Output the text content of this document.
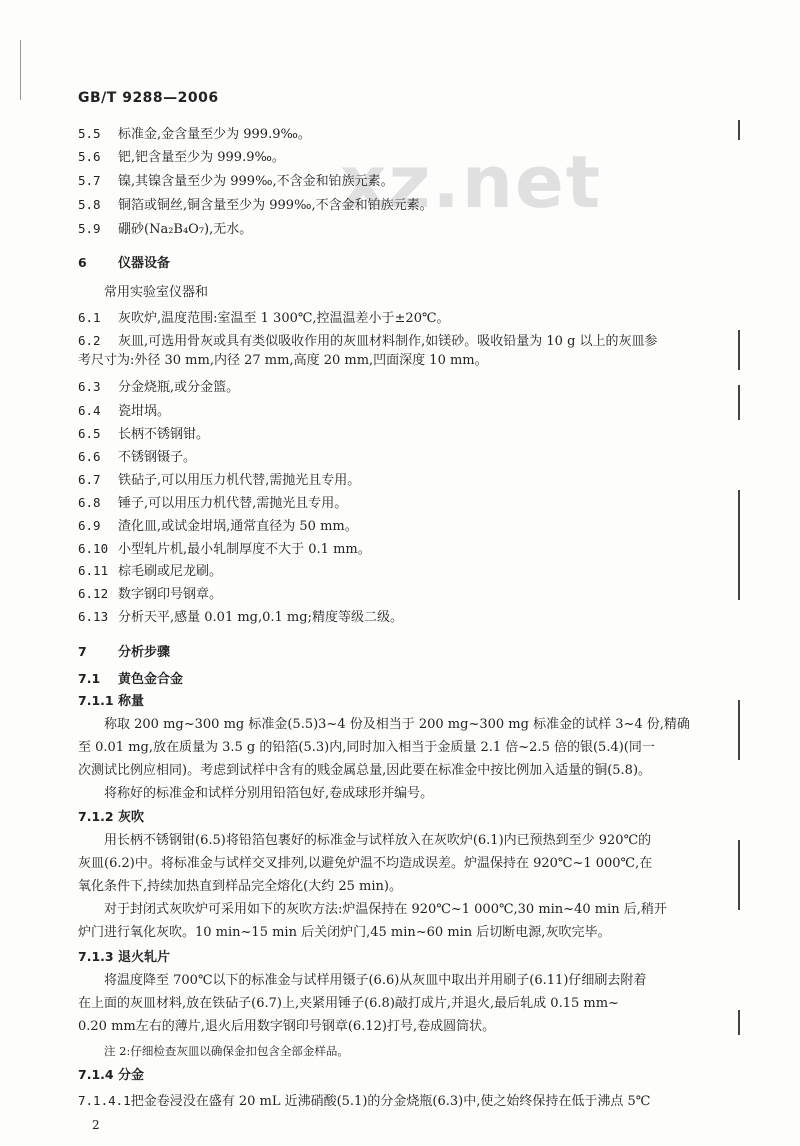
xz.net
GB/T 9288—2006
5.5 标准金,金含量至少为 999.9‰。
5.6 钯,钯含量至少为 999.9‰。
5.7 镍,其镍含量至少为 999‰,不含金和铂族元素。
5.8 铜箔或铜丝,铜含量至少为 999‰,不含金和铂族元素。
5.9 硼砂(Na₂B₄O₇),无水。
6 仪器设备
常用实验室仪器和
6.1 灰吹炉,温度范围:室温至 1 300℃,控温温差小于±20℃。
6.2 灰皿,可选用骨灰或具有类似吸收作用的灰皿材料制作,如镁砂。吸收铅量为 10 g 以上的灰皿参
考尺寸为:外径 30 mm,内径 27 mm,高度 20 mm,凹面深度 10 mm。
6.3 分金烧瓶,或分金篮。
6.4 瓷坩埚。
6.5 长柄不锈钢钳。
6.6 不锈钢镊子。
6.7 铁砧子,可以用压力机代替,需抛光且专用。
6.8 锤子,可以用压力机代替,需抛光且专用。
6.9 渣化皿,或试金坩埚,通常直径为 50 mm。
6.10 小型轧片机,最小轧制厚度不大于 0.1 mm。
6.11 棕毛刷或尼龙刷。
6.12 数字钢印号钢章。
6.13 分析天平,感量 0.01 mg,0.1 mg;精度等级二级。
7 分析步骤
7.1 黄色金合金
7.1.1 称量
称取 200 mg~300 mg 标准金(5.5)3~4 份及相当于 200 mg~300 mg 标准金的试样 3~4 份,精确
至 0.01 mg,放在质量为 3.5 g 的铅箔(5.3)内,同时加入相当于金质量 2.1 倍~2.5 倍的银(5.4)(同一
次测试比例应相同)。考虑到试样中含有的贱金属总量,因此要在标准金中按比例加入适量的铜(5.8)。
将称好的标准金和试样分别用铅箔包好,卷成球形并编号。
7.1.2 灰吹
用长柄不锈钢钳(6.5)将铅箔包裹好的标准金与试样放入在灰吹炉(6.1)内已预热到至少 920℃的
灰皿(6.2)中。将标准金与试样交叉排列,以避免炉温不均造成误差。炉温保持在 920℃~1 000℃,在
氧化条件下,持续加热直到样品完全熔化(大约 25 min)。
对于封闭式灰吹炉可采用如下的灰吹方法:炉温保持在 920℃~1 000℃,30 min~40 min 后,稍开
炉门进行氧化灰吹。10 min~15 min 后关闭炉门,45 min~60 min 后切断电源,灰吹完毕。
7.1.3 退火轧片
将温度降至 700℃以下的标准金与试样用镊子(6.6)从灰皿中取出并用刷子(6.11)仔细刷去附着
在上面的灰皿材料,放在铁砧子(6.7)上,夹紧用锤子(6.8)敲打成片,并退火,最后轧成 0.15 mm~
0.20 mm左右的薄片,退火后用数字钢印号钢章(6.12)打号,卷成圆筒状。
注 2:仔细检查灰皿以确保金扣包含全部金样品。
7.1.4 分金
7.1.4.1把金卷浸没在盛有 20 mL 近沸硝酸(5.1)的分金烧瓶(6.3)中,使之始终保持在低于沸点 5℃
2
